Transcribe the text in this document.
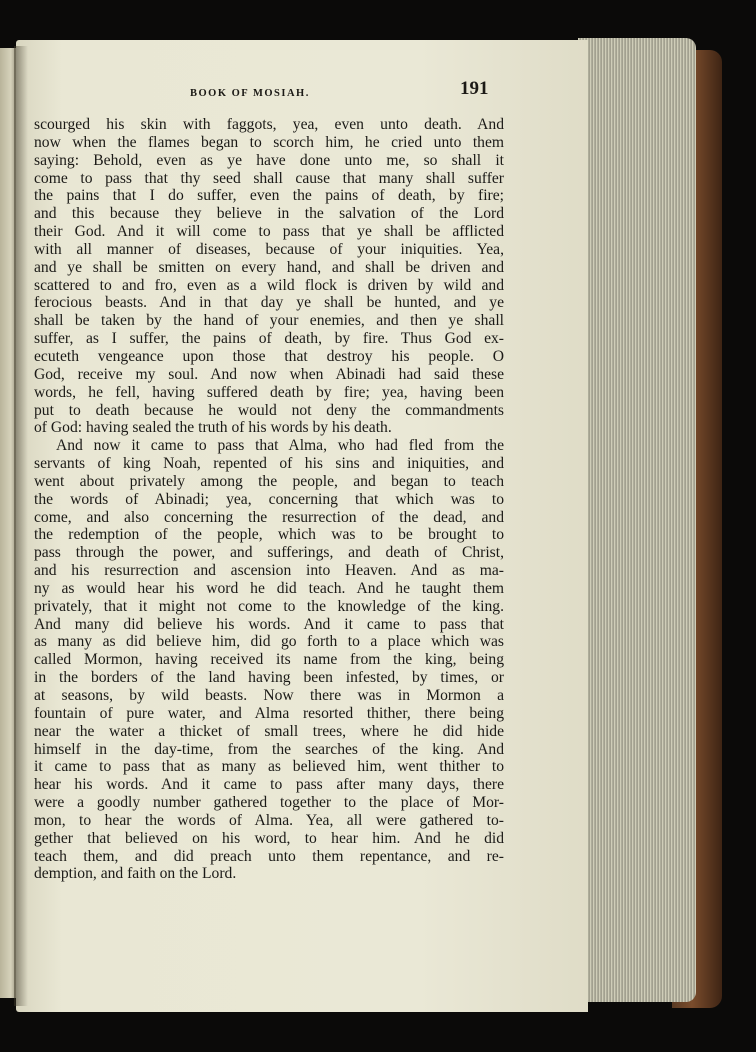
BOOK OF MOSIAH.	191
scourged his skin with faggots, yea, even unto death. And
now when the flames began to scorch him, he cried unto them
saying: Behold, even as ye have done unto me, so shall it
come to pass that thy seed shall cause that many shall suffer
the pains that I do suffer, even the pains of death, by fire;
and this because they believe in the salvation of the Lord
their God. And it will come to pass that ye shall be afflicted
with all manner of diseases, because of your iniquities. Yea,
and ye shall be smitten on every hand, and shall be driven and
scattered to and fro, even as a wild flock is driven by wild and
ferocious beasts. And in that day ye shall be hunted, and ye
shall be taken by the hand of your enemies, and then ye shall
suffer, as I suffer, the pains of death, by fire. Thus God ex-
ecuteth vengeance upon those that destroy his people. O
God, receive my soul. And now when Abinadi had said these
words, he fell, having suffered death by fire; yea, having been
put to death because he would not deny the commandments
of God: having sealed the truth of his words by his death.
And now it came to pass that Alma, who had fled from the
servants of king Noah, repented of his sins and iniquities, and
went about privately among the people, and began to teach
the words of Abinadi; yea, concerning that which was to
come, and also concerning the resurrection of the dead, and
the redemption of the people, which was to be brought to
pass through the power, and sufferings, and death of Christ,
and his resurrection and ascension into Heaven. And as ma-
ny as would hear his word he did teach. And he taught them
privately, that it might not come to the knowledge of the king.
And many did believe his words. And it came to pass that
as many as did believe him, did go forth to a place which was
called Mormon, having received its name from the king, being
in the borders of the land having been infested, by times, or
at seasons, by wild beasts. Now there was in Mormon a
fountain of pure water, and Alma resorted thither, there being
near the water a thicket of small trees, where he did hide
himself in the day-time, from the searches of the king. And
it came to pass that as many as believed him, went thither to
hear his words. And it came to pass after many days, there
were a goodly number gathered together to the place of Mor-
mon, to hear the words of Alma. Yea, all were gathered to-
gether that believed on his word, to hear him. And he did
teach them, and did preach unto them repentance, and re-
demption, and faith on the Lord.
